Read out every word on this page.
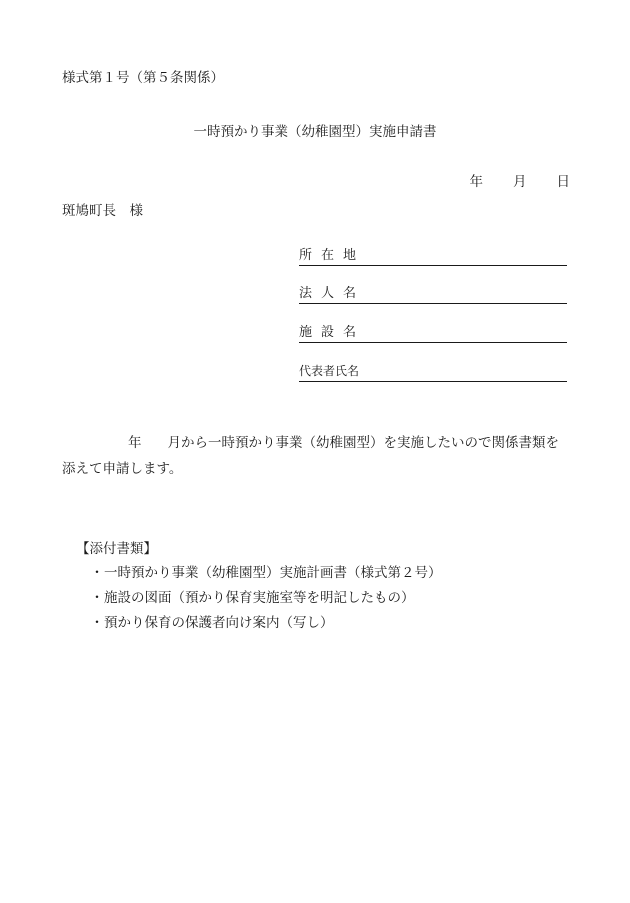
様式第１号（第５条関係）
一時預かり事業（幼稚園型）実施申請書
年 月 日
斑鳩町長　様
所在地
法人名
施設名
代表者氏名
年 月から一時預かり事業（幼稚園型）を実施したいので関係書類を添えて申請します。
【添付書類】
・一時預かり事業（幼稚園型）実施計画書（様式第２号）
・施設の図面（預かり保育実施室等を明記したもの）
・預かり保育の保護者向け案内（写し）
